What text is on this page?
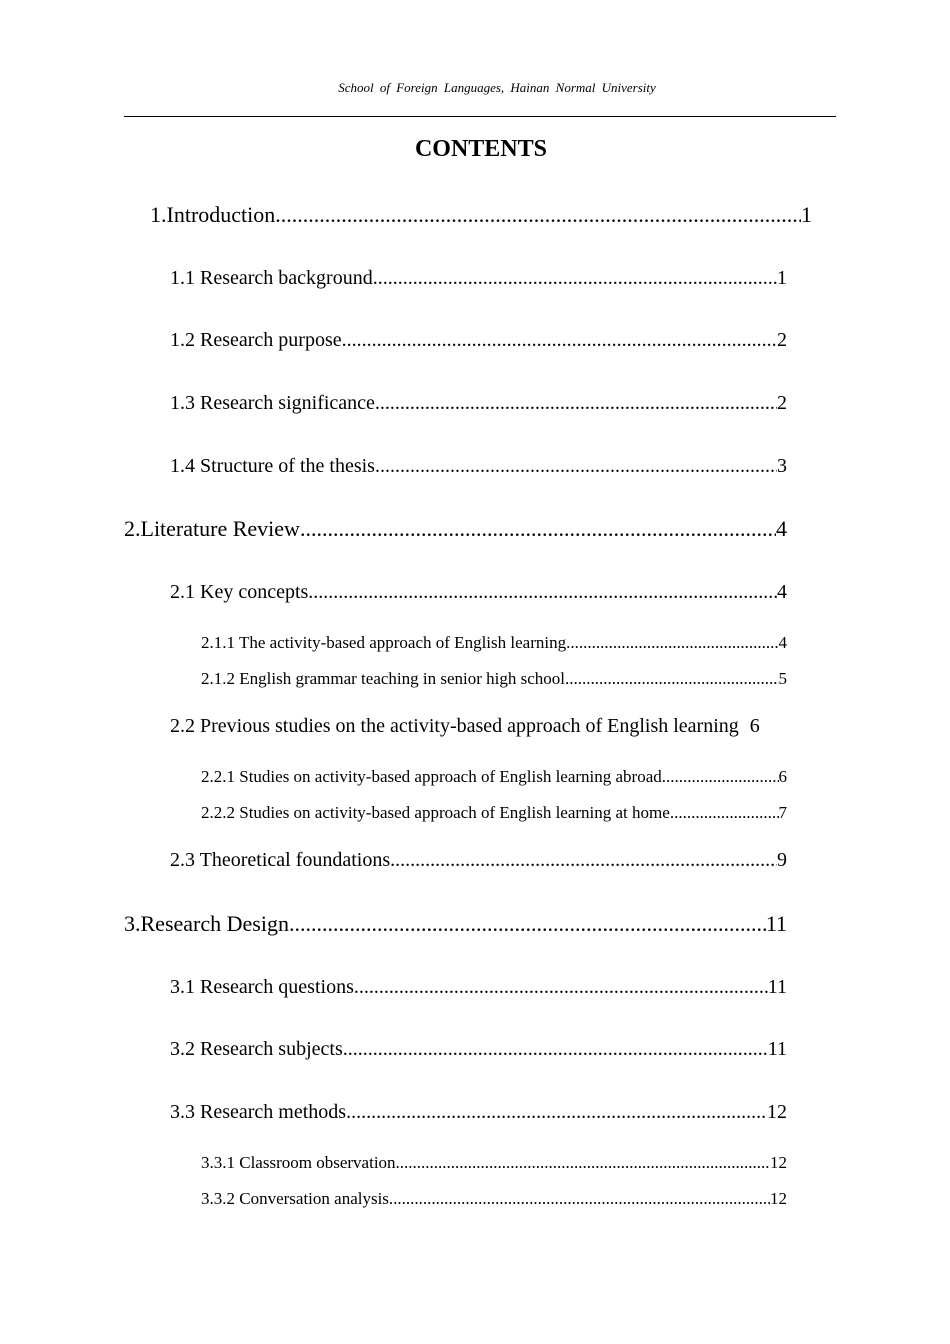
School of Foreign Languages, Hainan Normal University
CONTENTS
1.Introduction .....	1
1.1 Research background .....	1
1.2 Research purpose .....	2
1.3 Research significance .....	2
1.4 Structure of the thesis .....	3
2.Literature Review .....	4
2.1 Key concepts .....	4
2.1.1 The activity-based approach of English learning .....	4
2.1.2 English grammar teaching in senior high school .....	5
2.2 Previous studies on the activity-based approach of English learning 6
2.2.1 Studies on activity-based approach of English learning abroad .....	6
2.2.2 Studies on activity-based approach of English learning at home .....	7
2.3 Theoretical foundations .....	9
3.Research Design .....	11
3.1 Research questions .....	11
3.2 Research subjects .....	11
3.3 Research methods .....	12
3.3.1 Classroom observation .....	12
3.3.2 Conversation analysis .....	12
